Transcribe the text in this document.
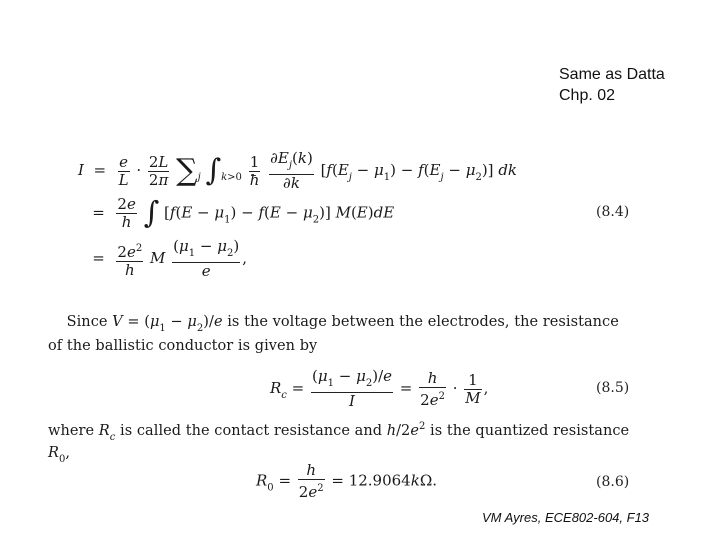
Same as Datta
Chp. 02
$I = \frac{e}{L} \cdot \frac{2L}{2\pi} \sum_j$ $\int_{k>0} \frac{1}{ħ}$
$\frac{\partial E_j(k)}{\partial k} [f(E_j - \mu_1) - f(E_j - \mu_2)]$ dk
= $\frac{2e}{h}$ ∫ $[f(E - \mu_1) - f(E - \mu_2)]$ M(E)dE	(8.4)
= $\frac{2e^2}{h}$ M $\frac{(\mu_1 - \mu_2)}{e}$ ,
Since $V = (\mu_1 - \mu_2)/e$ is the voltage between the electrodes, the resistance
of the ballistic conductor is given by
$R_c = \frac{(\mu_1 - \mu_2)/e}{I} = \frac{h}{2e^2} \cdot \frac{1}{M}$ ,	(8.5)
where $R_c$ is called the contact resistance and $h/2e^2$ is the quantized resistance
$R_0$,
$R_0 = \frac{h}{2e^2} = 12.9064k\Omega$.	(8.6)
VM Ayres, ECE802-604, F13
